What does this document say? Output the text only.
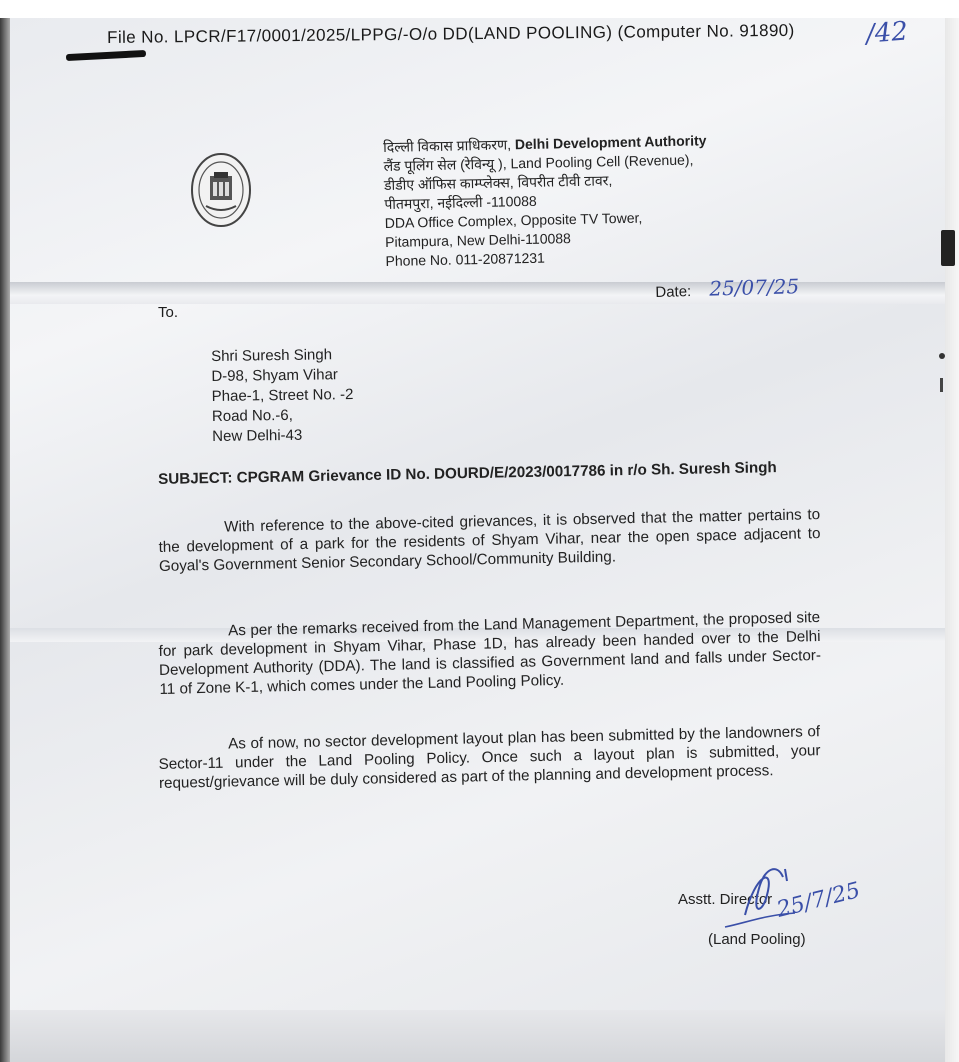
File No. LPCR/F17/0001/2025/LPPG/-O/o DD(LAND POOLING) (Computer No. 91890)	/42
दिल्ली विकास प्राधिकरण, Delhi Development Authority
लैंड पूलिंग सेल (रेविन्यू ), Land Pooling Cell (Revenue),
डीडीए ऑफिस काम्प्लेक्स, विपरीत टीवी टावर,
पीतमपुरा, नईदिल्ली -110088
DDA Office Complex, Opposite TV Tower,
Pitampura, New Delhi-110088
Phone No. 011-20871231
Date: 25/07/25
To.
Shri Suresh Singh
D-98, Shyam Vihar
Phae-1, Street No. -2
Road No.-6,
New Delhi-43
SUBJECT: CPGRAM Grievance ID No. DOURD/E/2023/0017786 in r/o Sh. Suresh Singh
With reference to the above-cited grievances, it is observed that the matter pertains to the development of a park for the residents of Shyam Vihar, near the open space adjacent to Goyal's Government Senior Secondary School/Community Building.
As per the remarks received from the Land Management Department, the proposed site for park development in Shyam Vihar, Phase 1D, has already been handed over to the Delhi Development Authority (DDA). The land is classified as Government land and falls under Sector-11 of Zone K-1, which comes under the Land Pooling Policy.
As of now, no sector development layout plan has been submitted by the landowners of Sector-11 under the Land Pooling Policy. Once such a layout plan is submitted, your request/grievance will be duly considered as part of the planning and development process.
Asstt. Director
(Land Pooling)
25/7/25
